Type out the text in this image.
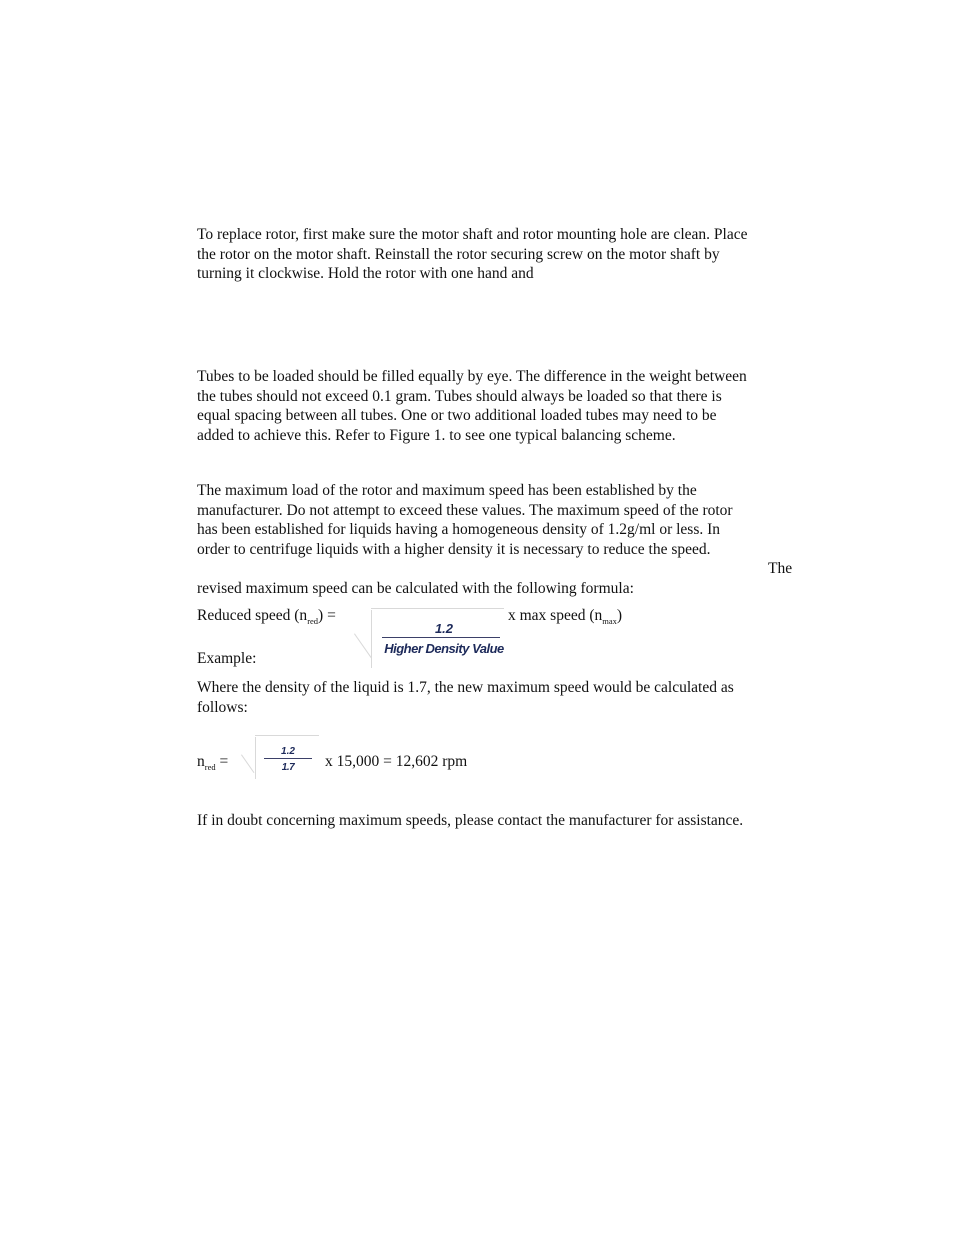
To replace rotor, first make sure the motor shaft and rotor mounting hole are clean. Place
the rotor on the motor shaft. Reinstall the rotor securing screw on the motor shaft by
turning it clockwise. Hold the rotor with one hand and

Tubes to be loaded should be filled equally by eye. The difference in the weight between
the tubes should not exceed 0.1 gram. Tubes should always be loaded so that there is
equal spacing between all tubes. One or two additional loaded tubes may need to be
added to achieve this. Refer to Figure 1. to see one typical balancing scheme.

The maximum load of the rotor and maximum speed has been established by the
manufacturer. Do not attempt to exceed these values. The maximum speed of the rotor
has been established for liquids having a homogeneous density of 1.2g/ml or less. In
order to centrifuge liquids with a higher density it is necessary to reduce the speed.

The
revised maximum speed can be calculated with the following formula:
Reduced speed $(n_{red})$ =
1.2
Higher Density Value
x max speed $(n_{max})$
Example:

Where the density of the liquid is 1.7, the new maximum speed would be calculated as
follows:

$n_{red}$ =
1.2
1.7	x 15,000 = 12,602 rpm
If in doubt concerning maximum speeds, please contact the manufacturer for assistance.
